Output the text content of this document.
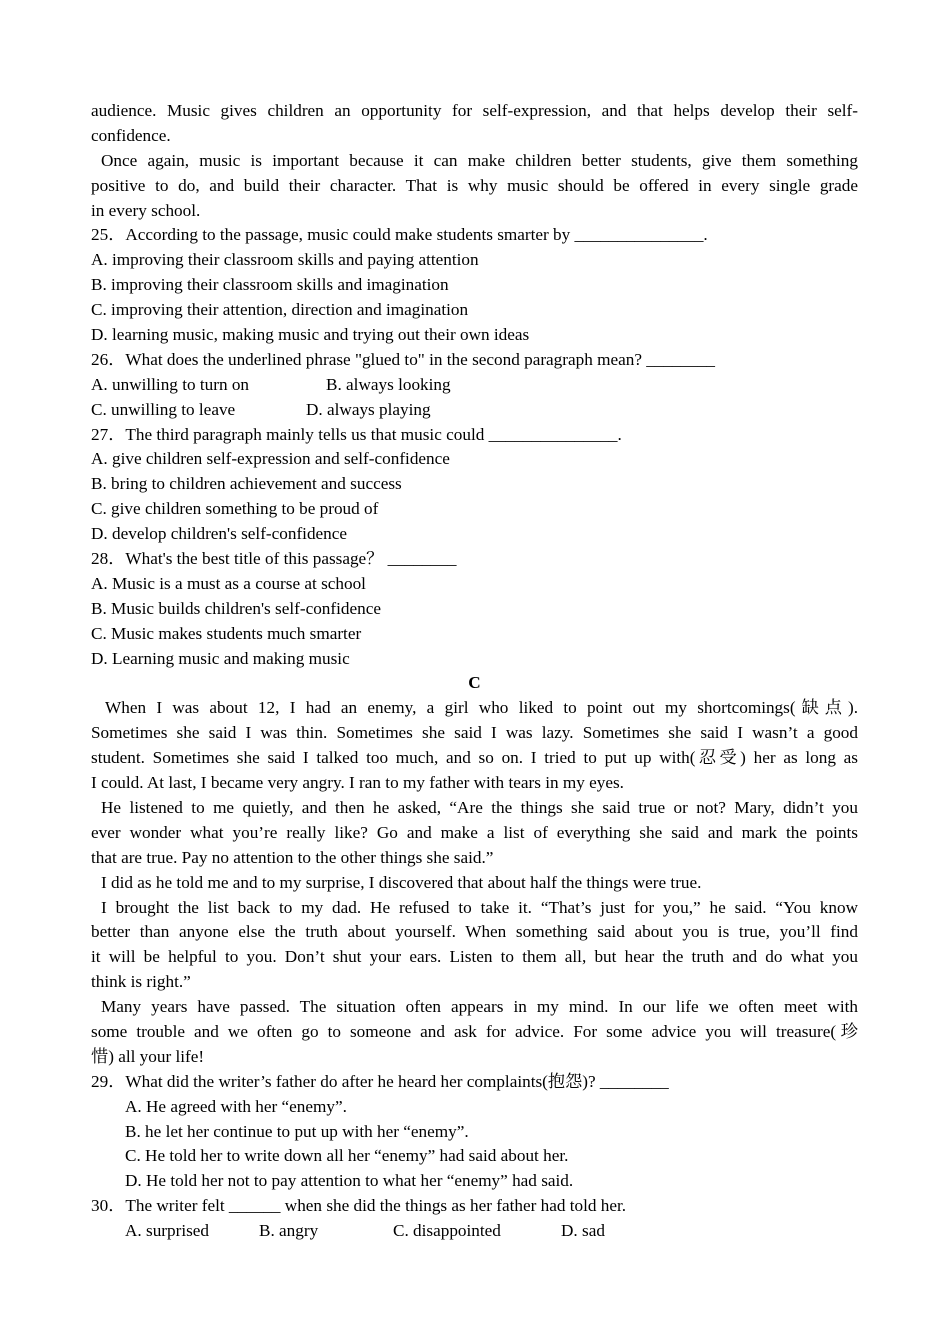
audience. Music gives children an opportunity for self-expression, and that helps develop their self-
confidence.
Once again, music is important because it can make children better students, give them something
positive to do, and build their character. That is why music should be offered in every single grade
in every school.
25．According to the passage, music could make students smarter by _______________.
A. improving their classroom skills and paying attention
B. improving their classroom skills and imagination
C. improving their attention, direction and imagination
D. learning music, making music and trying out their own ideas
26．What does the underlined phrase "glued to" in the second paragraph mean? ________
A. unwilling to turn on	B. always looking
C. unwilling to leave	D. always playing
27．The third paragraph mainly tells us that music could _______________.
A. give children self-expression and self-confidence
B. bring to children achievement and success
C. give children something to be proud of
D. develop children's self-confidence
28．What's the best title of this passage？ ________
A. Music is a must as a course at school
B. Music builds children's self-confidence
C. Music makes students much smarter
D. Learning music and making music
C
When I was about 12, I had an enemy, a girl who liked to point out my shortcomings(缺点).
Sometimes she said I was thin. Sometimes she said I was lazy. Sometimes she said I wasn’t a good
student. Sometimes she said I talked too much, and so on. I tried to put up with(忍受) her as long as
I could. At last, I became very angry. I ran to my father with tears in my eyes.
He listened to me quietly, and then he asked, “Are the things she said true or not? Mary, didn’t you
ever wonder what you’re really like? Go and make a list of everything she said and mark the points
that are true. Pay no attention to the other things she said.”
I did as he told me and to my surprise, I discovered that about half the things were true.
I brought the list back to my dad. He refused to take it. “That’s just for you,” he said. “You know
better than anyone else the truth about yourself. When something said about you is true, you’ll find
it will be helpful to you. Don’t shut your ears. Listen to them all, but hear the truth and do what you
think is right.”
Many years have passed. The situation often appears in my mind. In our life we often meet with
some trouble and we often go to someone and ask for advice. For some advice you will treasure(珍
惜) all your life!
29．What did the writer’s father do after he heard her complaints(抱怨)? ________
A. He agreed with her “enemy”.
B. he let her continue to put up with her “enemy”.
C. He told her to write down all her “enemy” had said about her.
D. He told her not to pay attention to what her “enemy” had said.
30．The writer felt ______ when she did the things as her father had told her.
A. surprised	B. angry	C. disappointed	D. sad
